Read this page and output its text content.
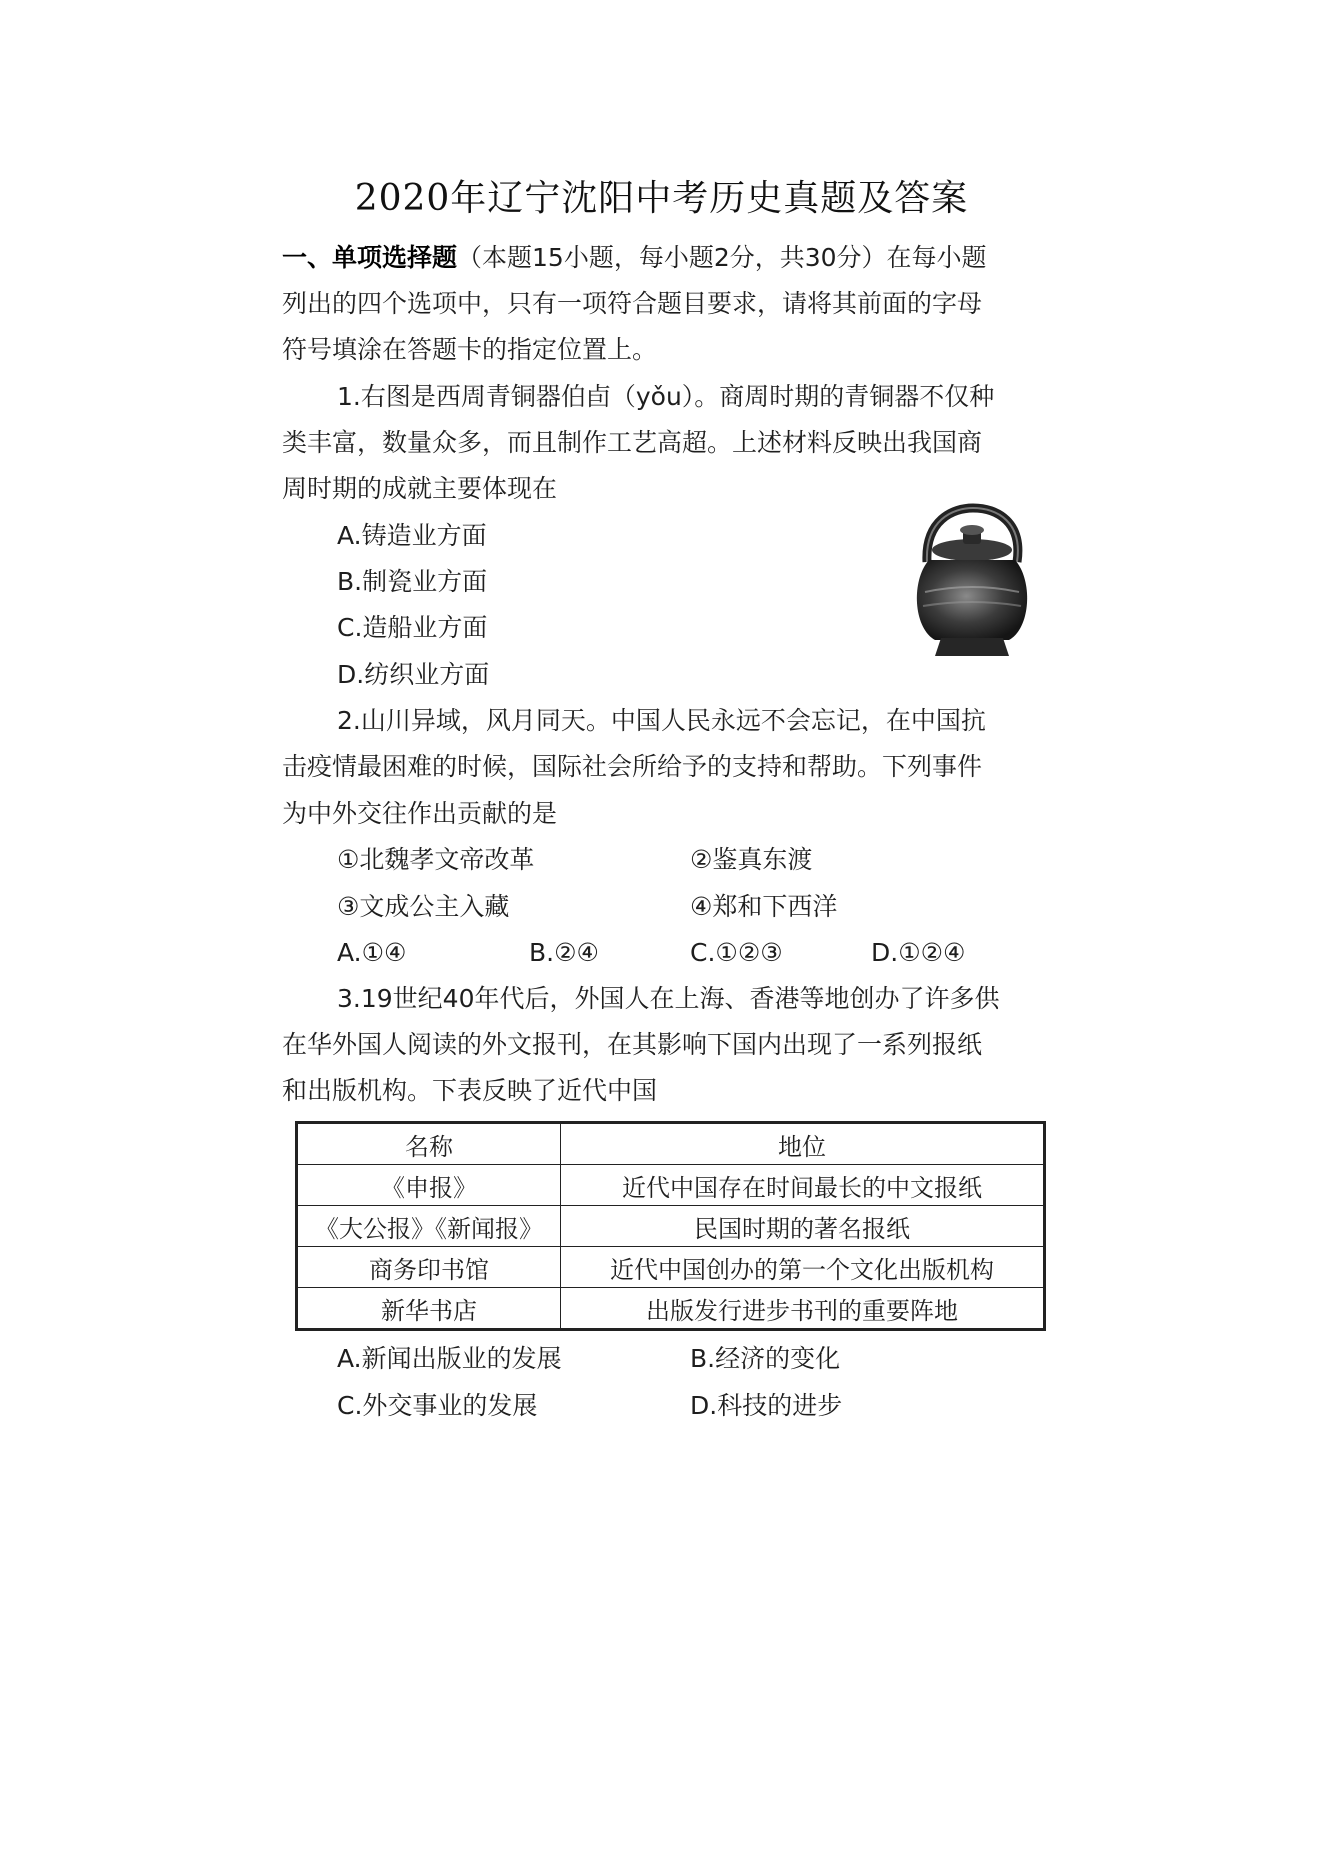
2020年辽宁沈阳中考历史真题及答案
一、单项选择题（本题15小题，每小题2分，共30分）在每小题
列出的四个选项中，只有一项符合题目要求，请将其前面的字母
符号填涂在答题卡的指定位置上。
1.右图是西周青铜器伯卣（yǒu）。商周时期的青铜器不仅种
类丰富，数量众多，而且制作工艺高超。上述材料反映出我国商
周时期的成就主要体现在
A.铸造业方面
B.制瓷业方面
C.造船业方面
D.纺织业方面
2.山川异域，风月同天。中国人民永远不会忘记，在中国抗
击疫情最困难的时候，国际社会所给予的支持和帮助。下列事件
为中外交往作出贡献的是
①北魏孝文帝改革	②鉴真东渡
③文成公主入藏	④郑和下西洋
A.①④	B.②④	C.①②③	D.①②④
3.19世纪40年代后，外国人在上海、香港等地创办了许多供
在华外国人阅读的外文报刊，在其影响下国内出现了一系列报纸
和出版机构。下表反映了近代中国
名称	地位
《申报》	近代中国存在时间最长的中文报纸
《大公报》《新闻报》	民国时期的著名报纸
商务印书馆	近代中国创办的第一个文化出版机构
新华书店	出版发行进步书刊的重要阵地
A.新闻出版业的发展	B.经济的变化
C.外交事业的发展	D.科技的进步
